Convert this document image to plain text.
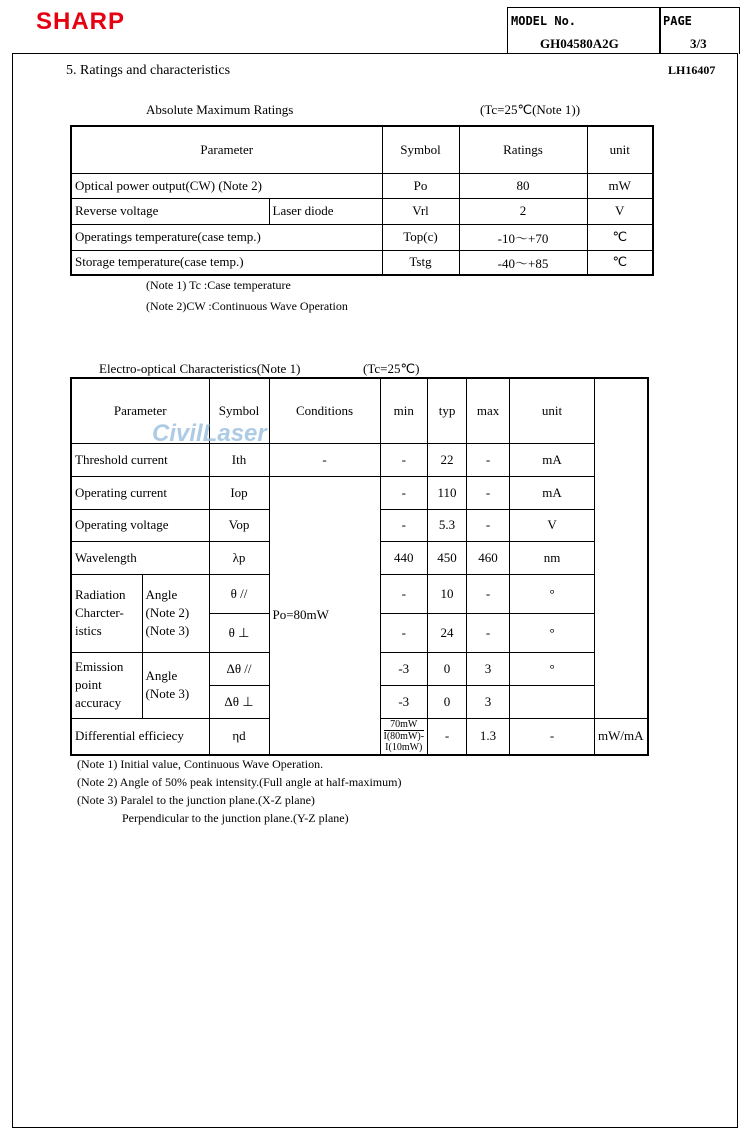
SHARP	MODEL No.
GH04580A2G
PAGE
3/3
5. Ratings and characteristics	LH16407
Absolute Maximum Ratings	(Tc=25℃(Note 1))
Parameter		Symbol	Ratings	unit
Optical power output(CW) (Note 2)		Po	80	mW
Reverse voltage	Laser diode	Vrl	2	V
Operatings temperature(case temp.)		Top(c)	-10〜+70	℃
Storage temperature(case temp.)		Tstg	-40〜+85	℃
(Note 1) Tc :Case temperature
(Note 2)CW :Continuous Wave Operation
Electro-optical Characteristics(Note 1)	(Tc=25℃)
Parameter		Symbol	Conditions	min	typ	max	unit	
Threshold current		Ith	-	-	22	-	mA	
Operating current		Iop	Po=80mW	-	110	-	mA	
Operating voltage		Vop		-	5.3	-	V	
Wavelength		λp		440	450	460	nm	
Radiation Charcter- istics	Angle (Note 2) (Note 3)	θ //		-	10	-	°	
		θ ⊥		-	24	-	°	
Emission point accuracy	Angle (Note 3)	Δθ //		-3	0	3	°	
		Δθ ⊥		-3	0	3		
Differential efficiecy		ηd		$\frac{70mW}{I(80mW)-I(10mW)}$	-	1.3	-	mW/mA
CivilLaser
(Note 1) Initial value, Continuous Wave Operation.
(Note 2) Angle of 50% peak intensity.(Full angle at half-maximum)
(Note 3) Paralel to the junction plane.(X-Z plane)
Perpendicular to the junction plane.(Y-Z plane)
